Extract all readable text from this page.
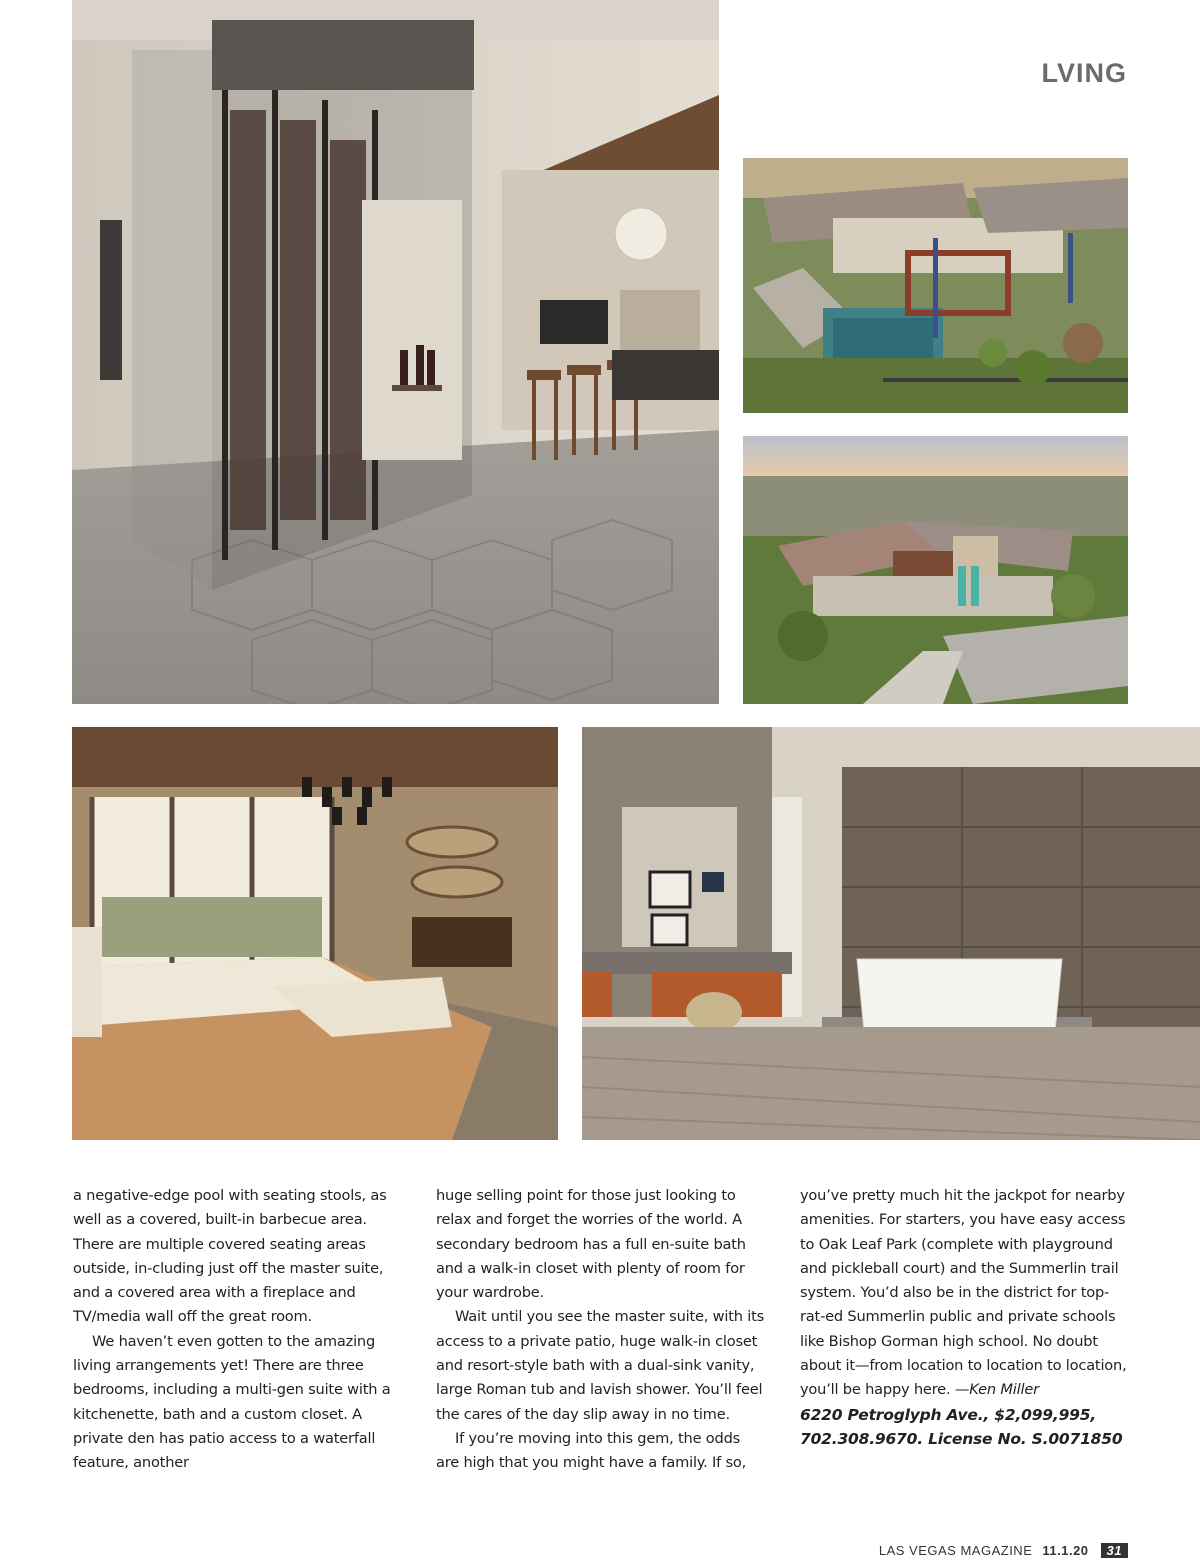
LVING

a negative-edge pool with seating stools, as well as a covered, built-in barbecue area. There are multiple covered seating areas outside, in-cluding just off the master suite, and a covered area with a fireplace and TV/media wall off the great room.

We haven’t even gotten to the amazing living arrangements yet! There are three bedrooms, including a multi-gen suite with a kitchenette, bath and a custom closet. A private den has patio access to a waterfall feature, another

huge selling point for those just looking to relax and forget the worries of the world. A secondary bedroom has a full en-suite bath and a walk-in closet with plenty of room for your wardrobe.

Wait until you see the master suite, with its access to a private patio, huge walk-in closet and resort-style bath with a dual-sink vanity, large Roman tub and lavish shower. You’ll feel the cares of the day slip away in no time.

If you’re moving into this gem, the odds are high that you might have a family. If so,

you’ve pretty much hit the jackpot for nearby amenities. For starters, you have easy access to Oak Leaf Park (complete with playground and pickleball court) and the Summerlin trail system. You’d also be in the district for top-rat-ed Summerlin public and private schools like Bishop Gorman high school. No doubt about it—from location to location to location, you’ll be happy here. —Ken Miller

6220 Petroglyph Ave., $2,099,995,

702.308.9670. License No. S.0071850

LAS VEGAS MAGAZINE 11.1.20	31
